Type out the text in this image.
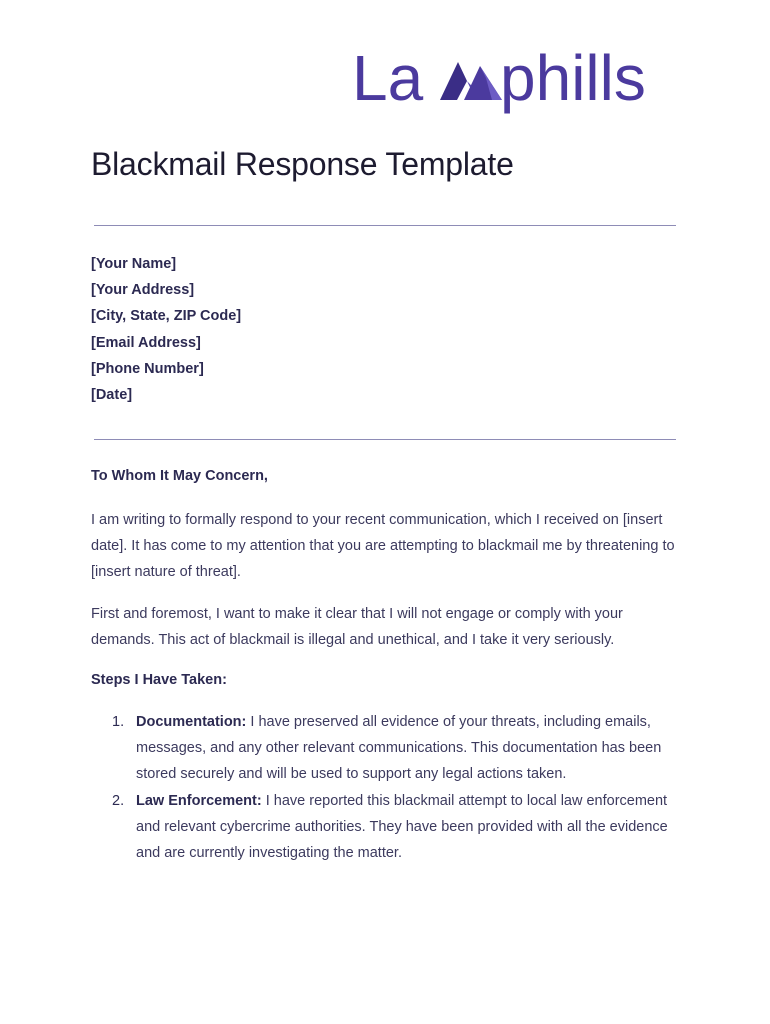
La phills
Blackmail Response Template
[Your Name]
[Your Address]
[City, State, ZIP Code]
[Email Address]
[Phone Number]
[Date]

To Whom It May Concern,

I am writing to formally respond to your recent communication, which I received on [insert date]. It has come to my attention that you are attempting to blackmail me by threatening to [insert nature of threat].

First and foremost, I want to make it clear that I will not engage or comply with your demands. This act of blackmail is illegal and unethical, and I take it very seriously.

Steps I Have Taken:

1. Documentation: I have preserved all evidence of your threats, including emails, messages, and any other relevant communications. This documentation has been stored securely and will be used to support any legal actions taken.
2. Law Enforcement: I have reported this blackmail attempt to local law enforcement and relevant cybercrime authorities. They have been provided with all the evidence and are currently investigating the matter.
